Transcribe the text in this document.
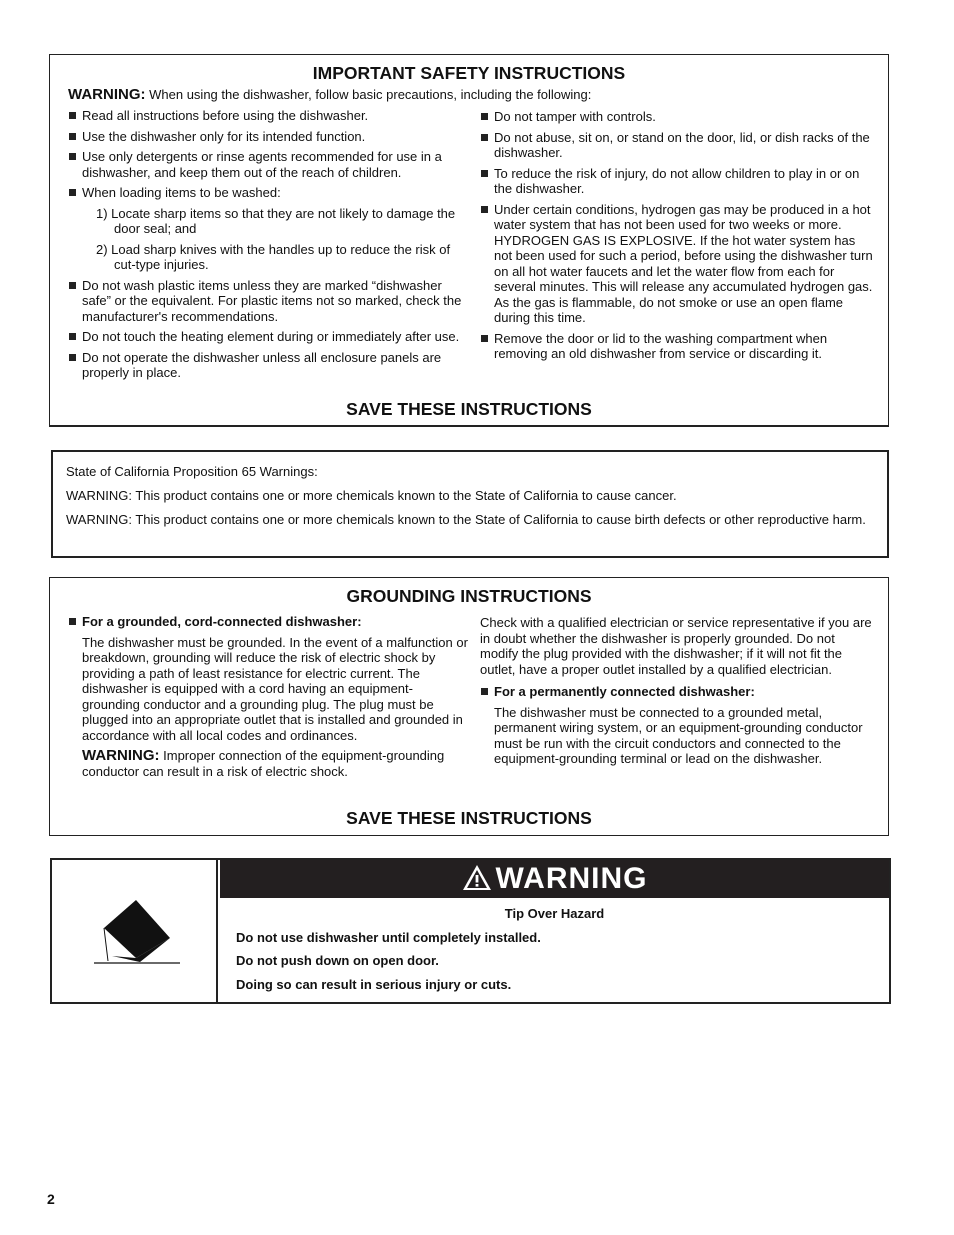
IMPORTANT SAFETY INSTRUCTIONS
WARNING: When using the dishwasher, follow basic precautions, including the following:
Read all instructions before using the dishwasher.
Use the dishwasher only for its intended function.
Use only detergents or rinse agents recommended for use in a dishwasher, and keep them out of the reach of children.
When loading items to be washed:
1) Locate sharp items so that they are not likely to damage the door seal; and
2) Load sharp knives with the handles up to reduce the risk of cut-type injuries.
Do not wash plastic items unless they are marked “dishwasher safe” or the equivalent. For plastic items not so marked, check the manufacturer's recommendations.
Do not touch the heating element during or immediately after use.
Do not operate the dishwasher unless all enclosure panels are properly in place.
Do not tamper with controls.
Do not abuse, sit on, or stand on the door, lid, or dish racks of the dishwasher.
To reduce the risk of injury, do not allow children to play in or on the dishwasher.
Under certain conditions, hydrogen gas may be produced in a hot water system that has not been used for two weeks or more. HYDROGEN GAS IS EXPLOSIVE. If the hot water system has not been used for such a period, before using the dishwasher turn on all hot water faucets and let the water flow from each for several minutes. This will release any accumulated hydrogen gas. As the gas is flammable, do not smoke or use an open flame during this time.
Remove the door or lid to the washing compartment when removing an old dishwasher from service or discarding it.
SAVE THESE INSTRUCTIONS

State of California Proposition 65 Warnings:

WARNING: This product contains one or more chemicals known to the State of California to cause cancer.

WARNING: This product contains one or more chemicals known to the State of California to cause birth defects or other reproductive harm.

GROUNDING INSTRUCTIONS
For a grounded, cord-connected dishwasher:
The dishwasher must be grounded. In the event of a malfunction or breakdown, grounding will reduce the risk of electric shock by providing a path of least resistance for electric current. The dishwasher is equipped with a cord having an equipment-grounding conductor and a grounding plug. The plug must be plugged into an appropriate outlet that is installed and grounded in accordance with all local codes and ordinances.
WARNING: Improper connection of the equipment-grounding conductor can result in a risk of electric shock.
Check with a qualified electrician or service representative if you are in doubt whether the dishwasher is properly grounded. Do not modify the plug provided with the dishwasher; if it will not fit the outlet, have a proper outlet installed by a qualified electrician.
For a permanently connected dishwasher:
The dishwasher must be connected to a grounded metal, permanent wiring system, or an equipment-grounding conductor must be run with the circuit conductors and connected to the equipment-grounding terminal or lead on the dishwasher.
SAVE THESE INSTRUCTIONS
WARNING
Tip Over Hazard
Do not use dishwasher until completely installed.
Do not push down on open door.
Doing so can result in serious injury or cuts.
2
